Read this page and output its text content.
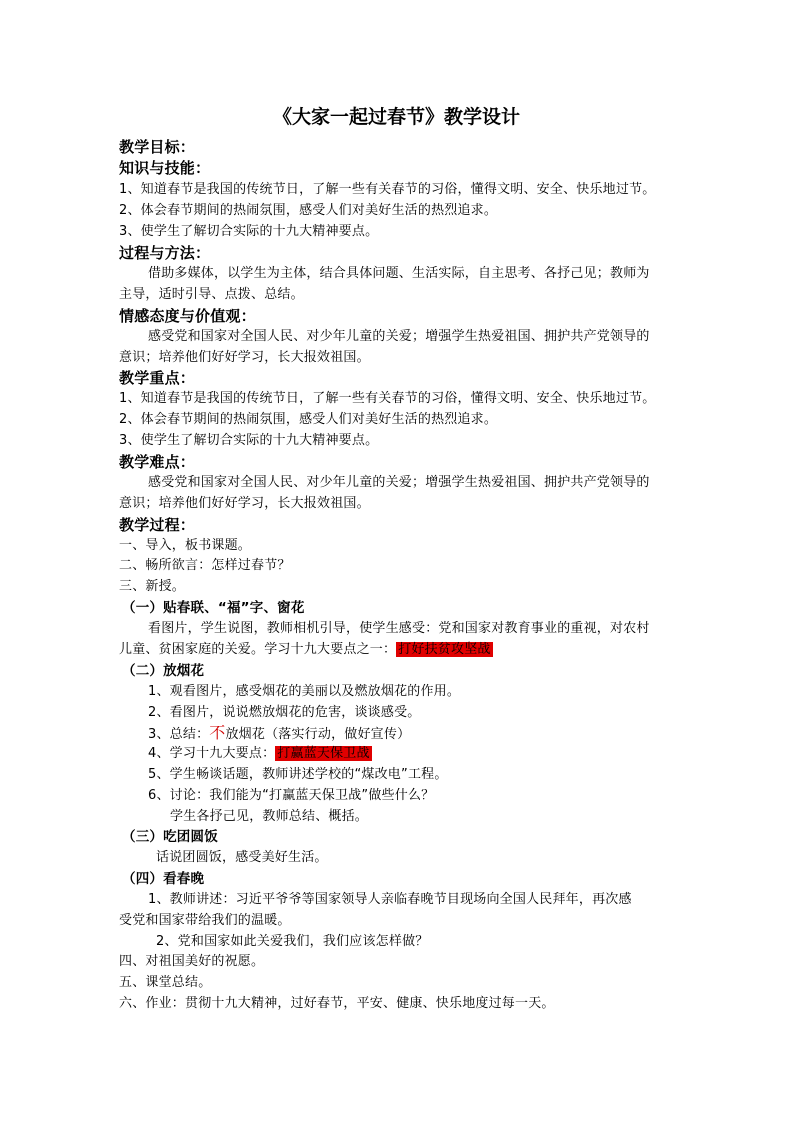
《大家一起过春节》教学设计
教学目标：
知识与技能：
1、知道春节是我国的传统节日，了解一些有关春节的习俗，懂得文明、安全、快乐地过节。
2、体会春节期间的热闹氛围，感受人们对美好生活的热烈追求。
3、使学生了解切合实际的十九大精神要点。
过程与方法：
借助多媒体，以学生为主体，结合具体问题、生活实际，自主思考、各抒己见；教师为
主导，适时引导、点拨、总结。
情感态度与价值观：
感受党和国家对全国人民、对少年儿童的关爱；增强学生热爱祖国、拥护共产党领导的
意识；培养他们好好学习，长大报效祖国。
教学重点：
1、知道春节是我国的传统节日，了解一些有关春节的习俗，懂得文明、安全、快乐地过节。
2、体会春节期间的热闹氛围，感受人们对美好生活的热烈追求。
3、使学生了解切合实际的十九大精神要点。
教学难点：
感受党和国家对全国人民、对少年儿童的关爱；增强学生热爱祖国、拥护共产党领导的
意识；培养他们好好学习，长大报效祖国。
教学过程：
一、导入，板书课题。
二、畅所欲言：怎样过春节？
三、新授。
（一）贴春联、“福”字、窗花
看图片，学生说图，教师相机引导，使学生感受：党和国家对教育事业的重视，对农村
儿童、贫困家庭的关爱。学习十九大要点之一： 打好扶贫攻坚战
（二）放烟花
1、观看图片，感受烟花的美丽以及燃放烟花的作用。
2、看图片，说说燃放烟花的危害，谈谈感受。
3、总结：不放烟花（落实行动，做好宣传）
4、学习十九大要点： 打赢蓝天保卫战
5、学生畅谈话题，教师讲述学校的“煤改电”工程。
6、讨论：我们能为“打赢蓝天保卫战”做些什么？
学生各抒己见，教师总结、概括。
（三）吃团圆饭
话说团圆饭，感受美好生活。
（四）看春晚
1、教师讲述：习近平爷爷等国家领导人亲临春晚节目现场向全国人民拜年，再次感
受党和国家带给我们的温暖。
2、党和国家如此关爱我们，我们应该怎样做？
四、对祖国美好的祝愿。
五、课堂总结。
六、作业：贯彻十九大精神，过好春节，平安、健康、快乐地度过每一天。
